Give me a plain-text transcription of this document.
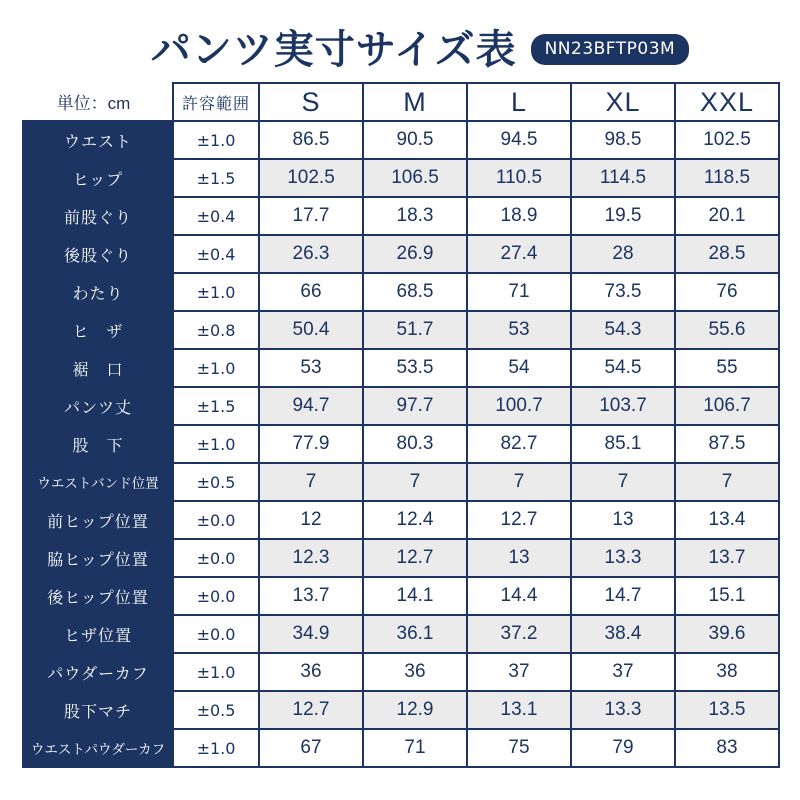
パンツ実寸サイズ表	NN23BFTP03M
単位：cm	許容範囲	S	M	L	XL	XXL
ウエスト	±1.0	86.5	90.5	94.5	98.5	102.5
ヒップ	±1.5	102.5	106.5	110.5	114.5	118.5
前股ぐり	±0.4	17.7	18.3	18.9	19.5	20.1
後股ぐり	±0.4	26.3	26.9	27.4	28	28.5
わたり	±1.0	66	68.5	71	73.5	76
ヒ　ザ	±0.8	50.4	51.7	53	54.3	55.6
裾　口	±1.0	53	53.5	54	54.5	55
パンツ丈	±1.5	94.7	97.7	100.7	103.7	106.7
股　下	±1.0	77.9	80.3	82.7	85.1	87.5
ウエストバンド位置	±0.5	7	7	7	7	7
前ヒップ位置	±0.0	12	12.4	12.7	13	13.4
脇ヒップ位置	±0.0	12.3	12.7	13	13.3	13.7
後ヒップ位置	±0.0	13.7	14.1	14.4	14.7	15.1
ヒザ位置	±0.0	34.9	36.1	37.2	38.4	39.6
パウダーカフ	±1.0	36	36	37	37	38
股下マチ	±0.5	12.7	12.9	13.1	13.3	13.5
ウエストパウダーカフ	±1.0	67	71	75	79	83
